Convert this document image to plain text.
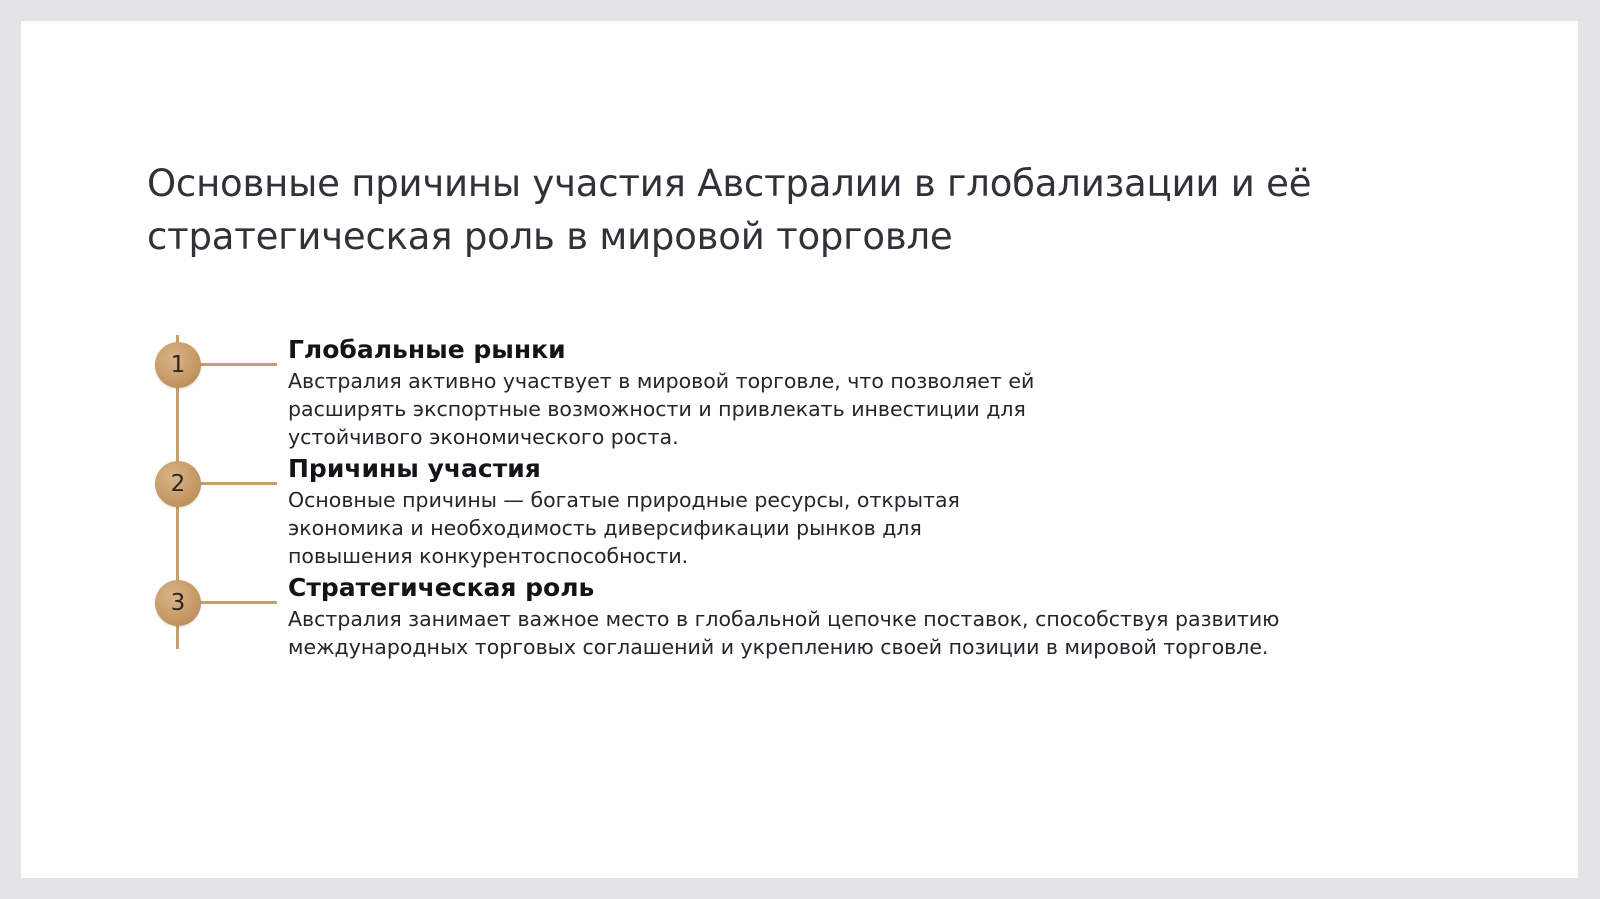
Основные причины участия Австралии в глобализации и её стратегическая роль в мировой торговле
1

Глобальные рынки

Австралия активно участвует в мировой торговле, что позволяет ей расширять экспортные возможности и привлекать инвестиции для устойчивого экономического роста.

2

Причины участия

Основные причины — богатые природные ресурсы, открытая экономика и необходимость диверсификации рынков для повышения конкурентоспособности.

3

Стратегическая роль

Австралия занимает важное место в глобальной цепочке поставок, способствуя развитию международных торговых соглашений и укреплению своей позиции в мировой торговле.
